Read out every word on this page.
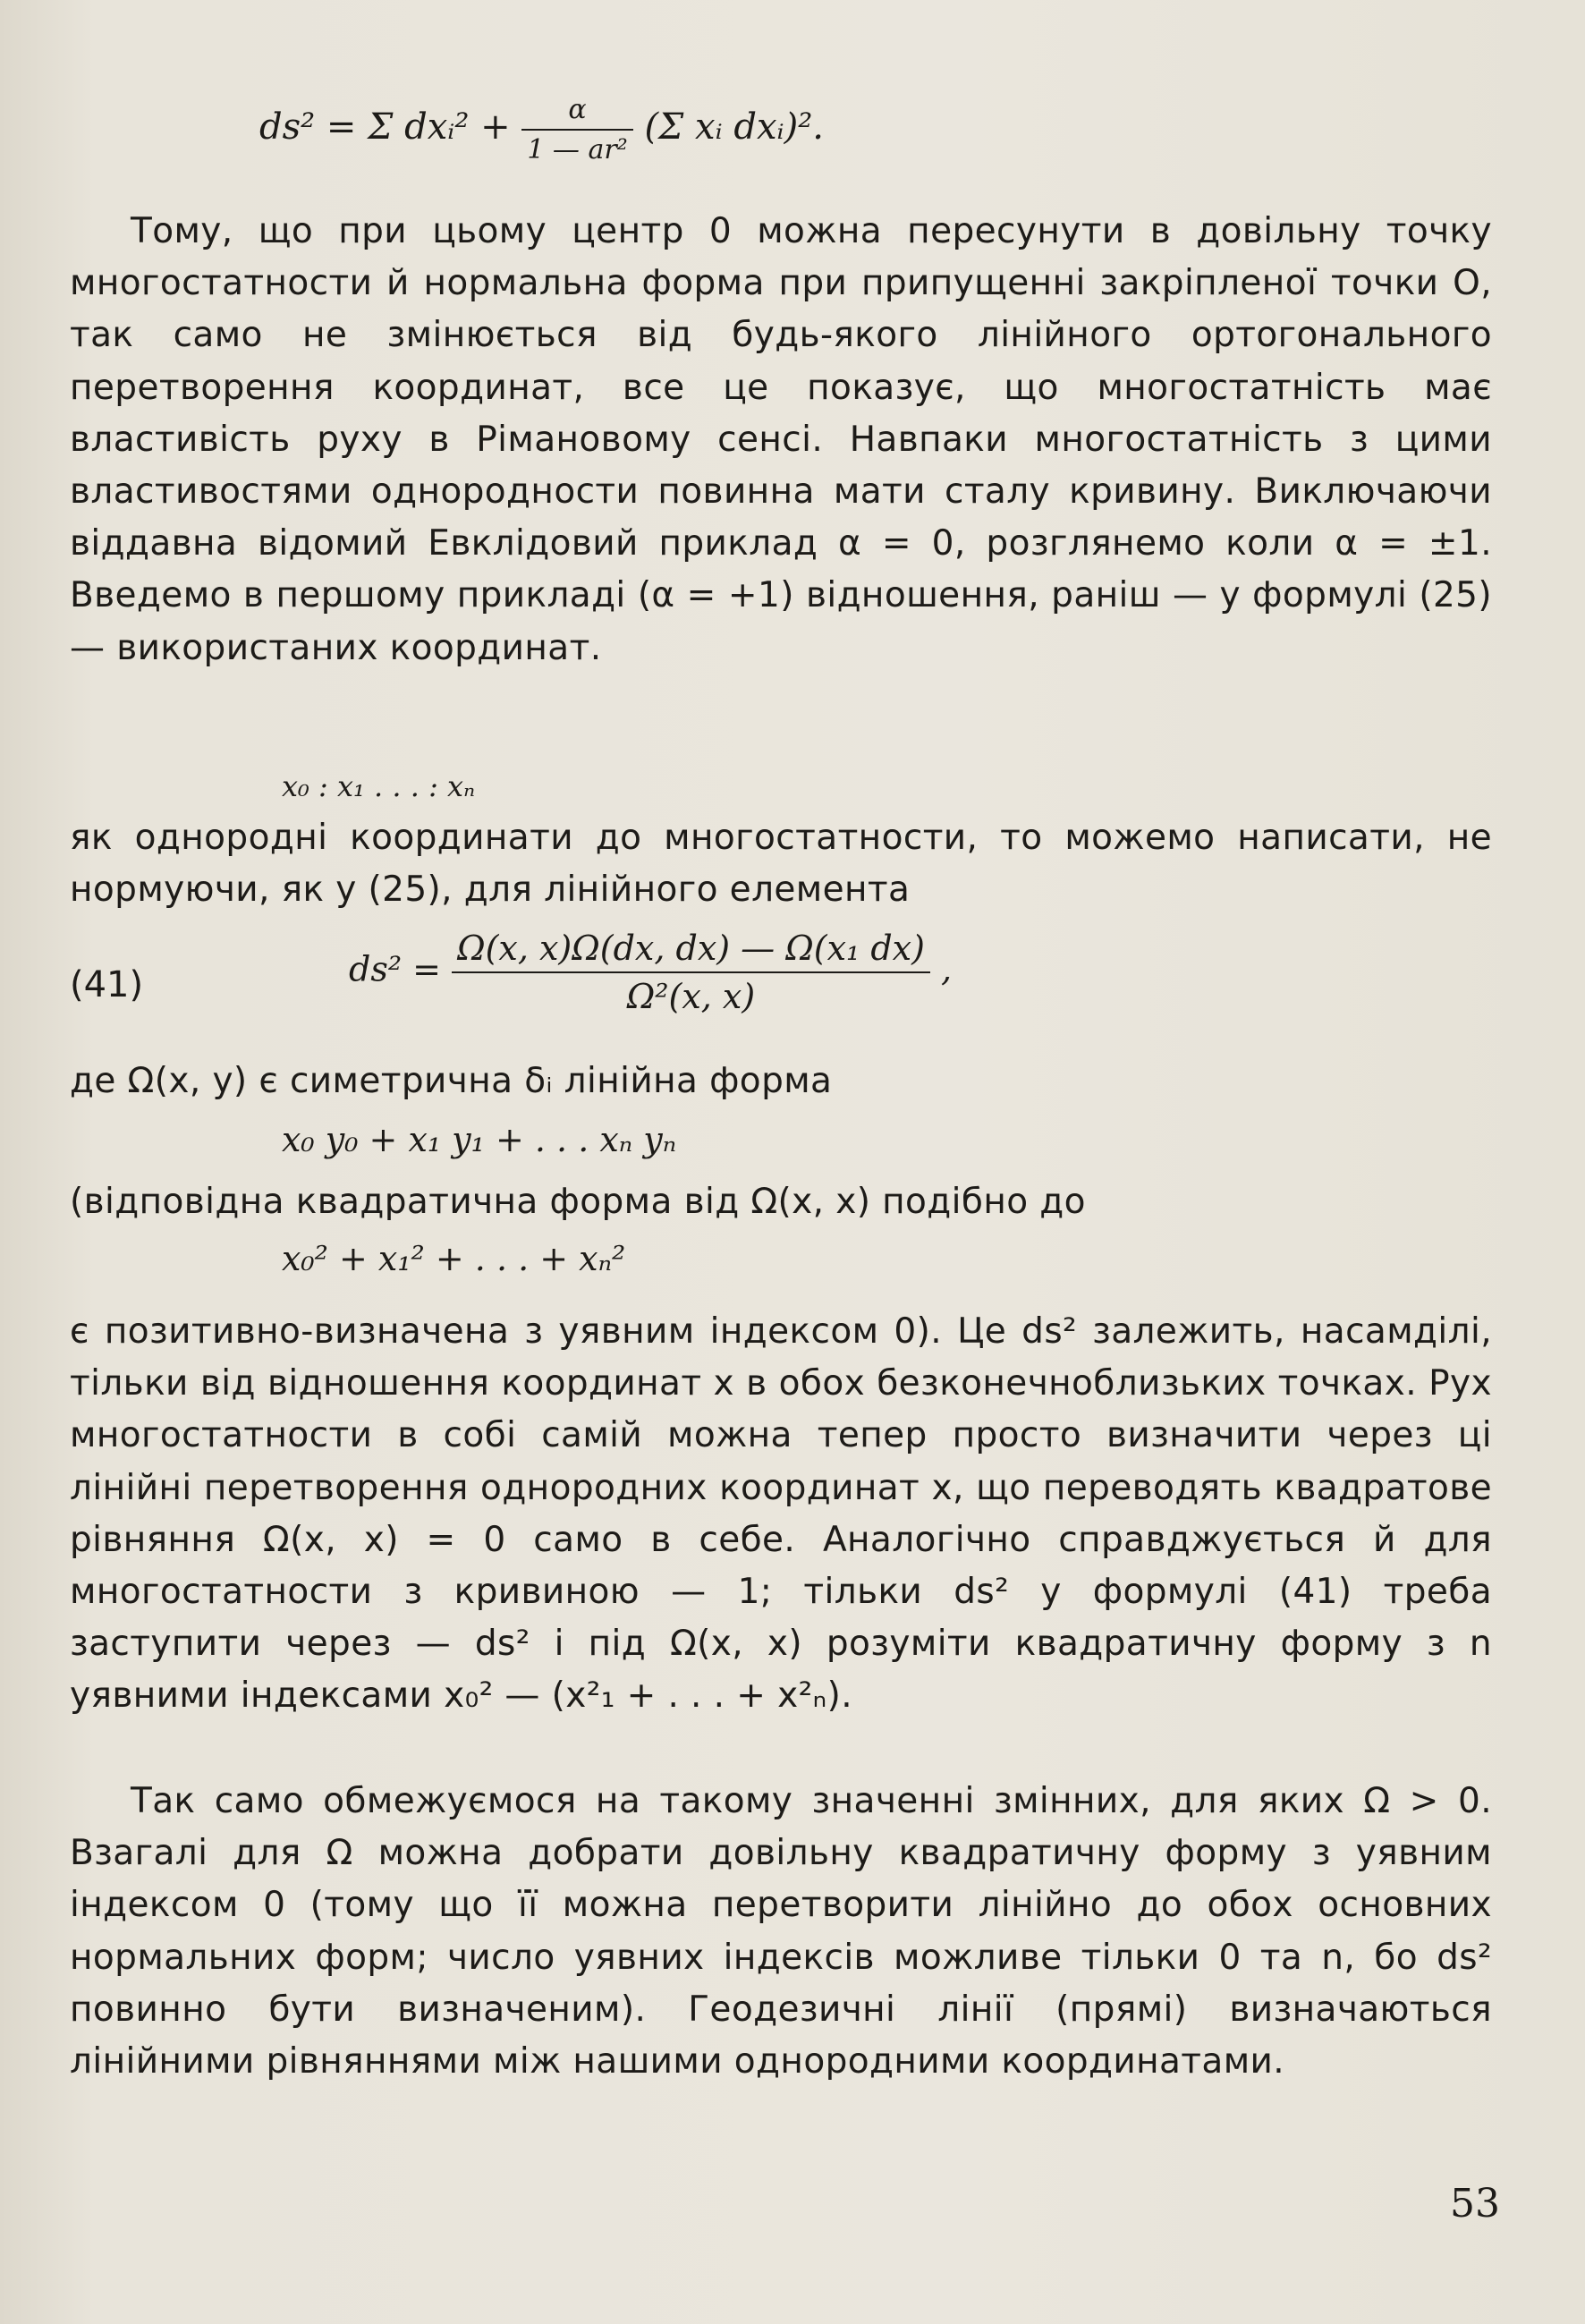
ds² = Σ dxᵢ² + $\frac{\alpha}{\text{1 — ar²}} (\Sigma$ xᵢ dxᵢ)².
Тому, що при цьому центр 0 можна пересунути в довільну точку многостатности й нормальна форма при припущенні закріпленої точки O, так само не змінюється від будь-якого лінійного ортогонального перетворення координат, все це показує, що многостатність має властивість руху в Рімановому сенсі. Навпаки многостатність з цими властивостями однородности повинна мати сталу кривину. Виключаючи віддавна відомий Евклідовий приклад α = 0, розглянемо коли α = ±1. Введемо в першому прикладі (α = +1) відношення, раніш — у формулі (25) — використаних координат.
x₀ : x₁ . . . : xₙ
як однородні координати до многостатности, то можемо написати, не нормуючи, як у (25), для лінійного елемента
(41)	$ds^2 = \frac{\text{Ω(x, x)Ω(dx, dx) — Ω(x₁ dx)}}{\text{Ω²(x, x)}}$ ,
де Ω(x, y) є симетрична δᵢ лінійна форма
x₀ y₀ + x₁ y₁ + . . . xₙ yₙ
(відповідна квадратична форма від Ω(x, x) подібно до
x₀² + x₁² + . . . + xₙ²
є позитивно-визначена з уявним індексом 0). Це ds² залежить, насамділі, тільки від відношення координат x в обох безконечноблизьких точках. Рух многостатности в собі самій можна тепер просто визначити через ці лінійні перетворення однородних координат x, що переводять квадратове рівняння Ω(x, x) = 0 само в себе. Аналогічно справджується й для многостатности з кривиною — 1; тільки ds² у формулі (41) треба заступити через — ds² і під Ω(x, x) розуміти квадратичну форму з n уявними індексами x₀² — (x²₁ + . . . + x²ₙ).
Так само обмежуємося на такому значенні змінних, для яких Ω > 0. Взагалі для Ω можна добрати довільну квадратичну форму з уявним індексом 0 (тому що її можна перетворити лінійно до обох основних нормальних форм; число уявних індексів можливе тільки 0 та n, бо ds² повинно бути визначеним). Геодезичні лінії (прямі) визначаються лінійними рівняннями між нашими однородними координатами.
53
